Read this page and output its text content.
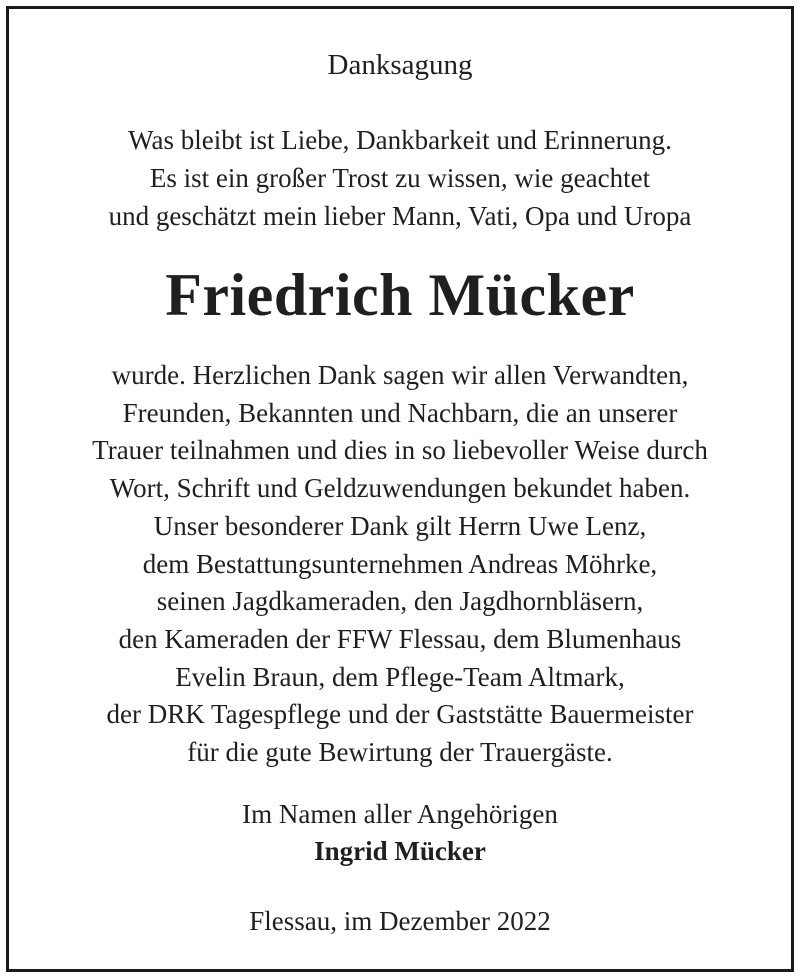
Danksagung
Was bleibt ist Liebe, Dankbarkeit und Erinnerung.
Es ist ein großer Trost zu wissen, wie geachtet
und geschätzt mein lieber Mann, Vati, Opa und Uropa
Friedrich Mücker
wurde. Herzlichen Dank sagen wir allen Verwandten,
Freunden, Bekannten und Nachbarn, die an unserer
Trauer teilnahmen und dies in so liebevoller Weise durch
Wort, Schrift und Geldzuwendungen bekundet haben.
Unser besonderer Dank gilt Herrn Uwe Lenz,
dem Bestattungsunternehmen Andreas Möhrke,
seinen Jagdkameraden, den Jagdhornbläsern,
den Kameraden der FFW Flessau, dem Blumenhaus
Evelin Braun, dem Pflege-Team Altmark,
der DRK Tagespflege und der Gaststätte Bauermeister
für die gute Bewirtung der Trauergäste.
Im Namen aller Angehörigen
Ingrid Mücker
Flessau, im Dezember 2022
